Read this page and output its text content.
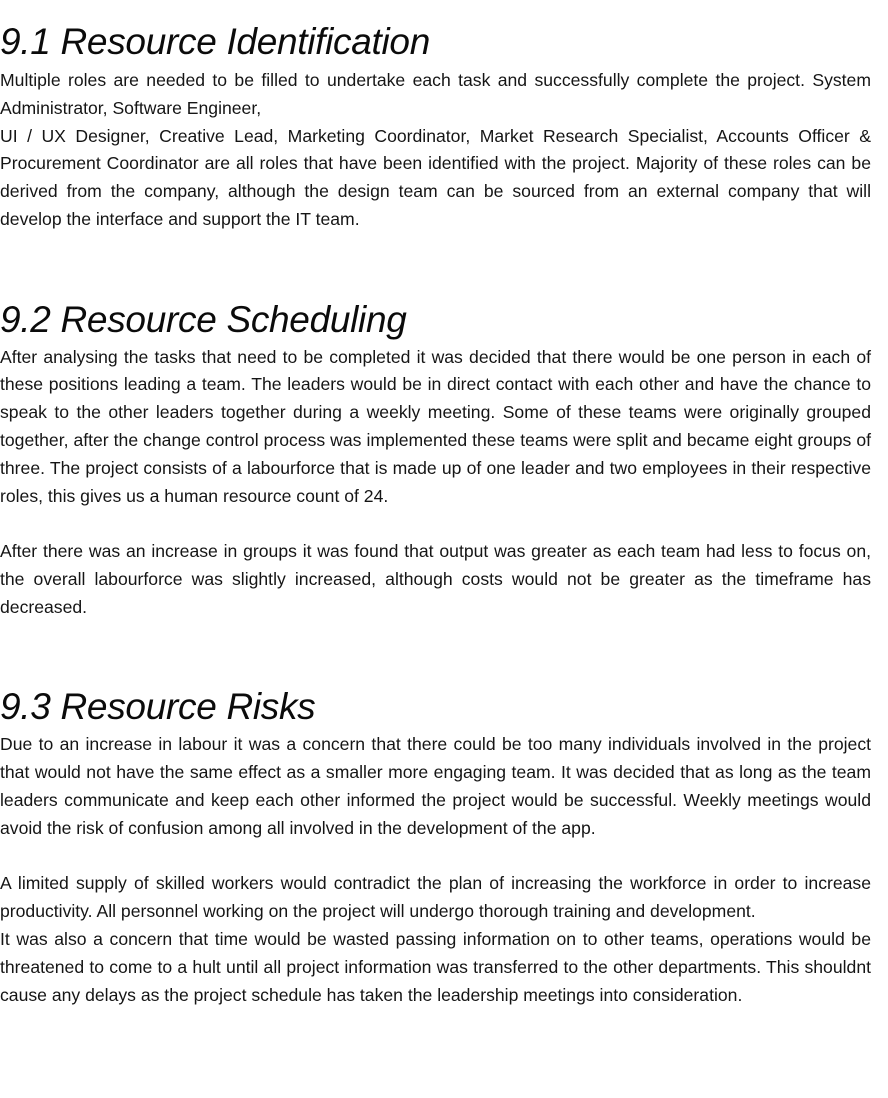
9.1 Resource Identification

Multiple roles are needed to be filled to undertake each task and successfully complete the project. System Administrator, Software Engineer,

UI / UX Designer, Creative Lead, Marketing Coordinator, Market Research Specialist, Accounts Officer & Procurement Coordinator are all roles that have been identified with the project. Majority of these roles can be derived from the company, although the design team can be sourced from an external company that will develop the interface and support the IT team.

9.2 Resource Scheduling

After analysing the tasks that need to be completed it was decided that there would be one person in each of these positions leading a team. The leaders would be in direct contact with each other and have the chance to speak to the other leaders together during a weekly meeting. Some of these teams were originally grouped together, after the change control process was implemented these teams were split and became eight groups of three. The project consists of a labourforce that is made up of one leader and two employees in their respective roles, this gives us a human resource count of 24.

After there was an increase in groups it was found that output was greater as each team had less to focus on, the overall labourforce was slightly increased, although costs would not be greater as the timeframe has decreased.

9.3 Resource Risks

Due to an increase in labour it was a concern that there could be too many individuals involved in the project that would not have the same effect as a smaller more engaging team. It was decided that as long as the team leaders communicate and keep each other informed the project would be successful. Weekly meetings would avoid the risk of confusion among all involved in the development of the app.

A limited supply of skilled workers would contradict the plan of increasing the workforce in order to increase productivity. All personnel working on the project will undergo thorough training and development.

It was also a concern that time would be wasted passing information on to other teams, operations would be threatened to come to a hult until all project information was transferred to the other departments. This shouldnt cause any delays as the project schedule has taken the leadership meetings into consideration.
